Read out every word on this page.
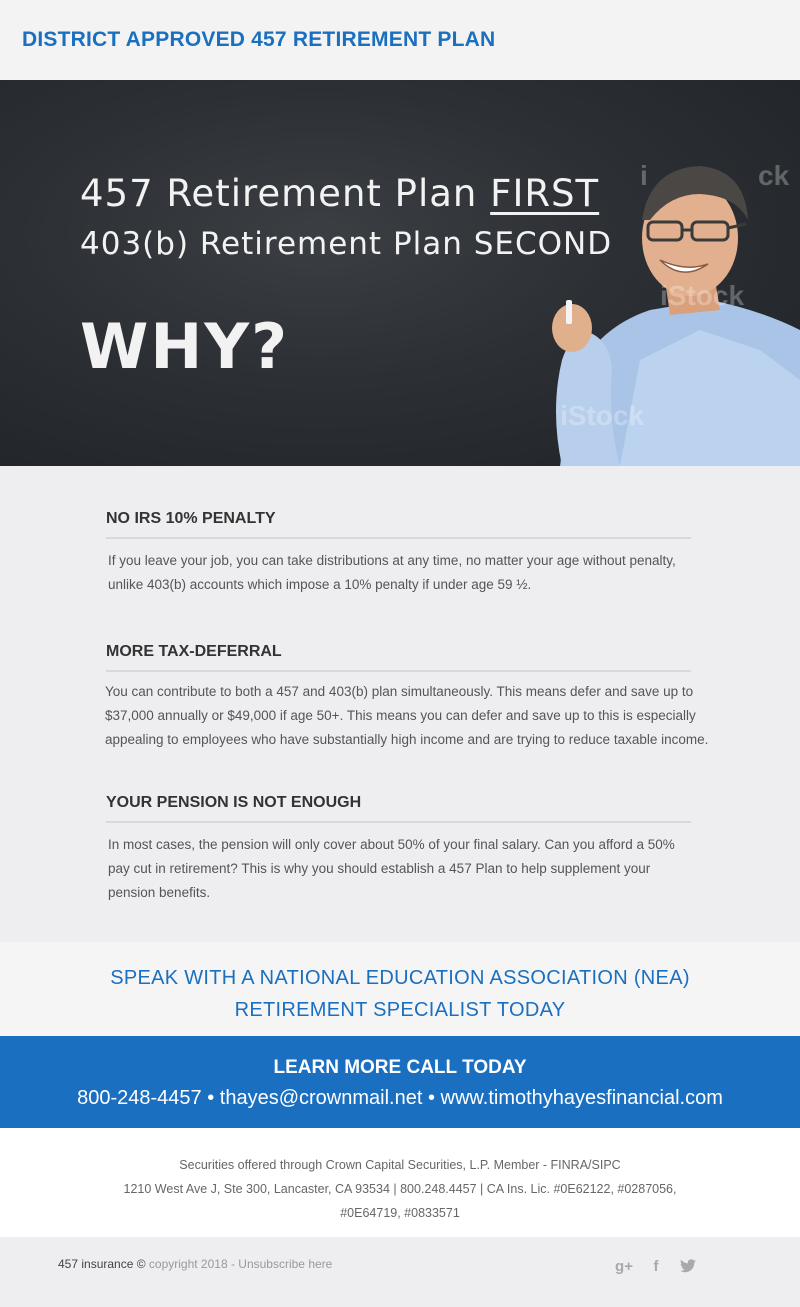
DISTRICT APPROVED 457 RETIREMENT PLAN
457 Retirement Plan FIRST
403(b) Retirement Plan SECOND
WHY?
i	ck
iStock
iStock
NO IRS 10% PENALTY

If you leave your job, you can take distributions at any time, no matter your age without penalty, unlike 403(b) accounts which impose a 10% penalty if under age 59 ½.

MORE TAX-DEFERRAL

You can contribute to both a 457 and 403(b) plan simultaneously. This means defer and save up to $37,000 annually or $49,000 if age 50+. This means you can defer and save up to this is especially appealing to employees who have substantially high income and are trying to reduce taxable income.

YOUR PENSION IS NOT ENOUGH

In most cases, the pension will only cover about 50% of your final salary. Can you afford a 50% pay cut in retirement? This is why you should establish a 457 Plan to help supplement your pension benefits.

SPEAK WITH A NATIONAL EDUCATION ASSOCIATION (NEA)
RETIREMENT SPECIALIST TODAY
LEARN MORE CALL TODAY
800-248-4457 • thayes@crownmail.net • www.timothyhayesfinancial.com
Securities offered through Crown Capital Securities, L.P. Member - FINRA/SIPC
1210 West Ave J, Ste 300, Lancaster, CA 93534 | 800.248.4457 | CA Ins. Lic. #0E62122, #0287056, #0E64719, #0833571
457 insurance © copyright 2018 - Unsubscribe here	g+	f
